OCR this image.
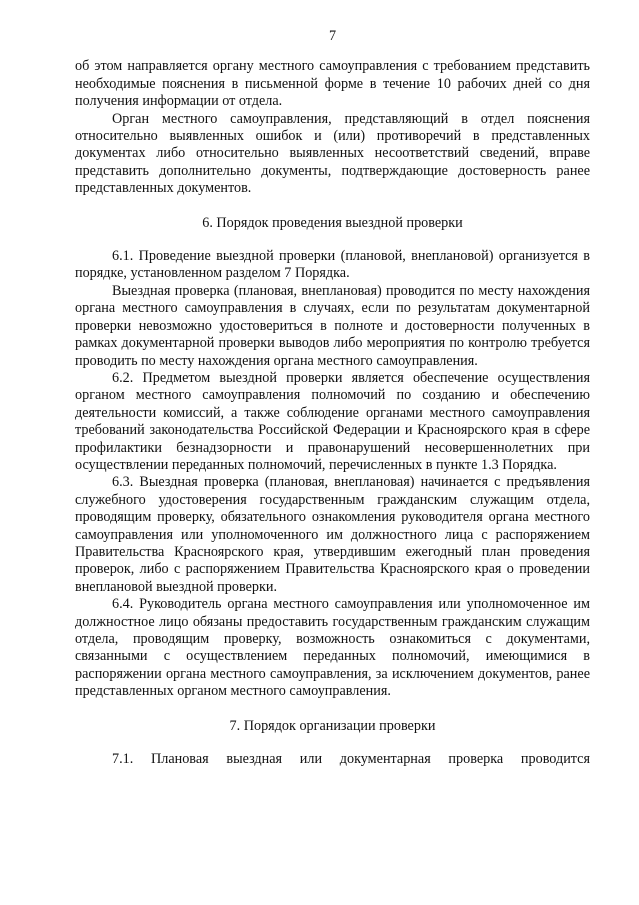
7

об этом направляется органу местного самоуправления с требованием представить необходимые пояснения в письменной форме в течение 10 рабочих дней со дня получения информации от отдела.

Орган местного самоуправления, представляющий в отдел пояснения относительно выявленных ошибок и (или) противоречий в представленных документах либо относительно выявленных несоответствий сведений, вправе представить дополнительно документы, подтверждающие достоверность ранее представленных документов.

6. Порядок проведения выездной проверки

6.1. Проведение выездной проверки (плановой, внеплановой) организуется в порядке, установленном разделом 7 Порядка.

Выездная проверка (плановая, внеплановая) проводится по месту нахождения органа местного самоуправления в случаях, если по результатам документарной проверки невозможно удостовериться в полноте и достоверности полученных в рамках документарной проверки выводов либо мероприятия по контролю требуется проводить по месту нахождения органа местного самоуправления.

6.2. Предметом выездной проверки является обеспечение осуществления органом местного самоуправления полномочий по созданию и обеспечению деятельности комиссий, а также соблюдение органами местного самоуправления требований законодательства Российской Федерации и Красноярского края в сфере профилактики безнадзорности и правонарушений несовершеннолетних при осуществлении переданных полномочий, перечисленных в пункте 1.3 Порядка.

6.3. Выездная проверка (плановая, внеплановая) начинается с предъявления служебного удостоверения государственным гражданским служащим отдела, проводящим проверку, обязательного ознакомления руководителя органа местного самоуправления или уполномоченного им должностного лица с распоряжением Правительства Красноярского края, утвердившим ежегодный план проведения проверок, либо с распоряжением Правительства Красноярского края о проведении внеплановой выездной проверки.

6.4. Руководитель органа местного самоуправления или уполномоченное им должностное лицо обязаны предоставить государственным гражданским служащим отдела, проводящим проверку, возможность ознакомиться с документами, связанными с осуществлением переданных полномочий, имеющимися в распоряжении органа местного самоуправления, за исключением документов, ранее представленных органом местного самоуправления.

7. Порядок организации проверки

7.1. Плановая выездная или документарная проверка проводится
